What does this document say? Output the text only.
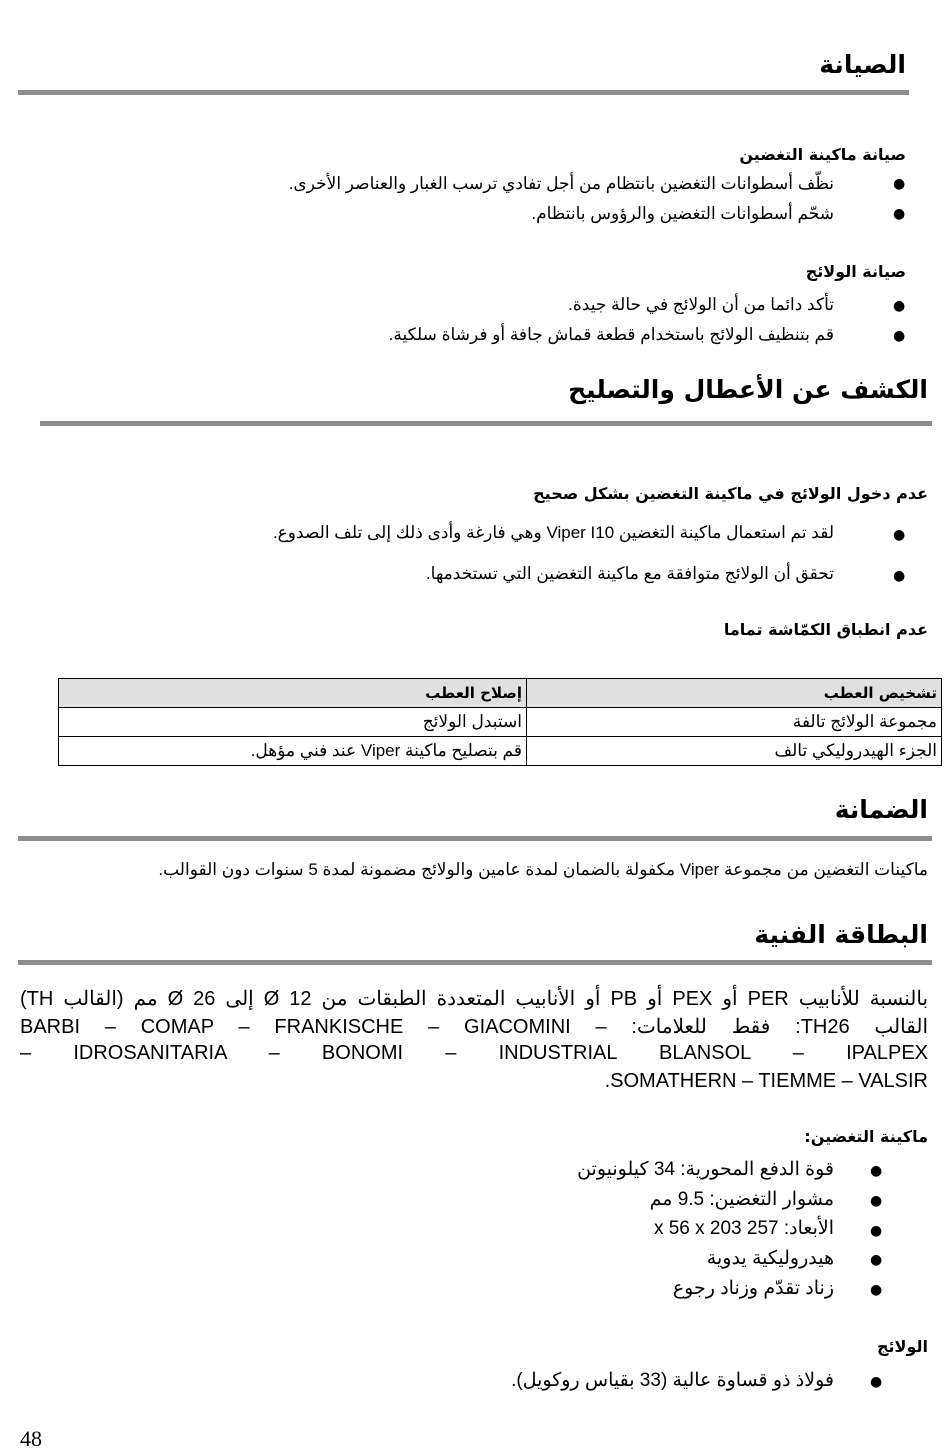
الصيانة
صيانة ماكينة التغضين
●
نظّف أسطوانات التغضين بانتظام من أجل تفادي ترسب الغبار والعناصر الأخرى.
●
شحّم أسطوانات التغضين والرؤوس بانتظام.
صيانة الولائج
●
تأكد دائما من أن الولائج في حالة جيدة.
●
قم بتنظيف الولائج باستخدام قطعة قماش جافة أو فرشاة سلكية.
الكشف عن الأعطال والتصليح
عدم دخول الولائج في ماكينة التغضين بشكل صحيح
●
لقد تم استعمال ماكينة التغضين Viper I10 وهي فارغة وأدى ذلك إلى تلف الصدوع.
●
تحقق أن الولائج متوافقة مع ماكينة التغضين التي تستخدمها.
عدم انطباق الكمّاشة تماما
تشخيص العطب	إصلاح العطب
مجموعة الولائج تالفة	استبدل الولائج
الجزء الهيدروليكي تالف	قم بتصليح ماكينة Viper عند فني مؤهل.
الضمانة
ماكينات التغضين من مجموعة Viper مكفولة بالضمان لمدة عامين والولائج مضمونة لمدة 5 سنوات دون القوالب.
البطاقة الفنية
بالنسبة للأنابيب PER أو PEX أو PB أو الأنابيب المتعددة الطبقات من Ø 12 إلى Ø 26 مم (القالب TH)
القالب TH26: فقط للعلامات: – BARBI – COMAP – FRANKISCHE – GIACOMINI
IDROSANITARIA – BONOMI – INDUSTRIAL BLANSOL – IPALPEX –
SOMATHERN – TIEMME – VALSIR.
ماكينة التغضين:
●
قوة الدفع المحورية: 34 كيلونيوتن
●
مشوار التغضين: 9.5 مم
●
الأبعاد: 257 x 56 x 203
●
هيدروليكية يدوية
●
زناد تقدّم وزناد رجوع
الولائج
●
فولاذ ذو قساوة عالية (33 بقياس روكويل).
48
